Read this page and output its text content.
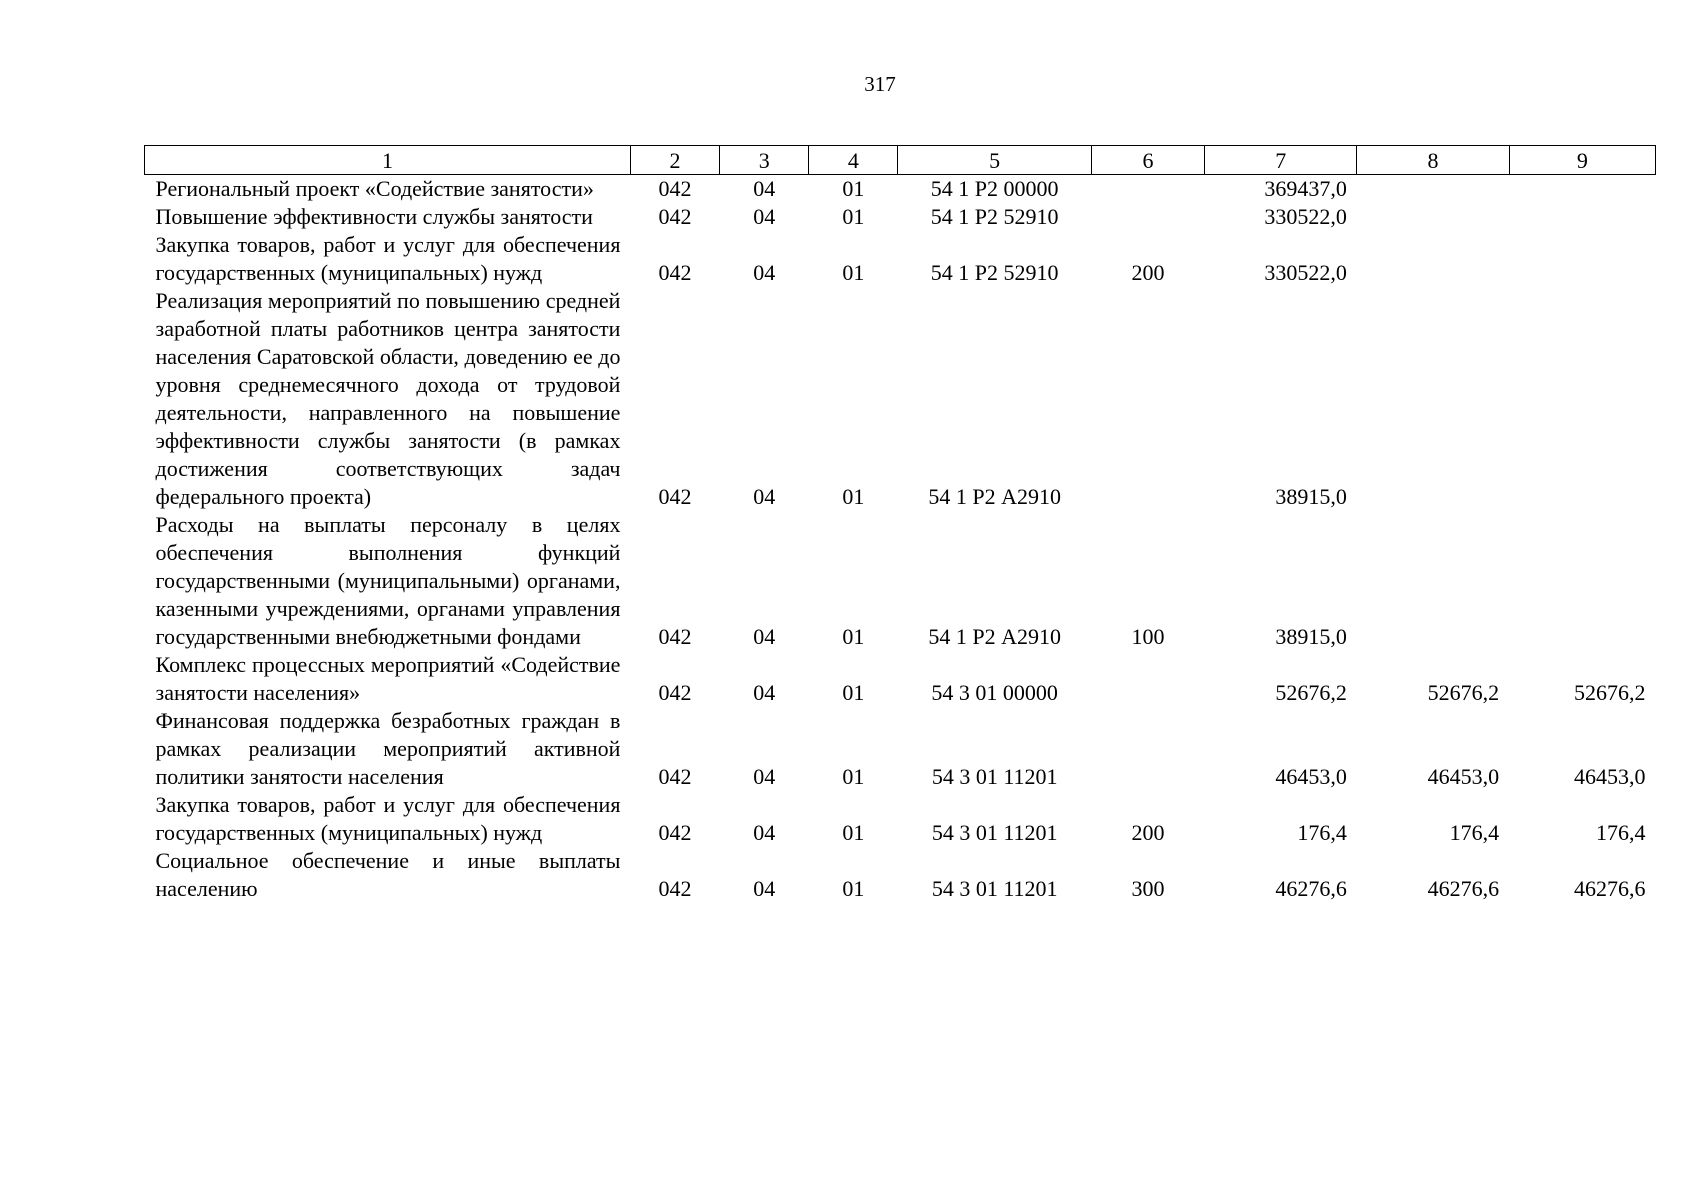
317
1	2	3	4	5	6	7	8	9
Региональный проект «Содействие занятости»	042	04	01	54 1 Р2 00000		369437,0		
Повышение эффективности службы занятости	042	04	01	54 1 Р2 52910		330522,0		
Закупка товаров, работ и услуг для обеспечения государственных (муниципальных) нужд	042	04	01	54 1 Р2 52910	200	330522,0		
Реализация мероприятий по повышению средней заработной платы работников центра занятости населения Саратовской области, доведению ее до уровня среднемесячного дохода от трудовой деятельности, направленного на повышение эффективности службы занятости (в рамках достижения соответствующих задач федерального проекта)	042	04	01	54 1 Р2 А2910		38915,0		
Расходы на выплаты персоналу в целях обеспечения выполнения функций государственными (муниципальными) органами, казенными учреждениями, органами управления государственными внебюджетными фондами	042	04	01	54 1 Р2 А2910	100	38915,0		
Комплекс процессных мероприятий «Содействие занятости населения»	042	04	01	54 3 01 00000		52676,2	52676,2	52676,2
Финансовая поддержка безработных граждан в рамках реализации мероприятий активной политики занятости населения	042	04	01	54 3 01 11201		46453,0	46453,0	46453,0
Закупка товаров, работ и услуг для обеспечения государственных (муниципальных) нужд	042	04	01	54 3 01 11201	200	176,4	176,4	176,4
Социальное обеспечение и иные выплаты населению	042	04	01	54 3 01 11201	300	46276,6	46276,6	46276,6
